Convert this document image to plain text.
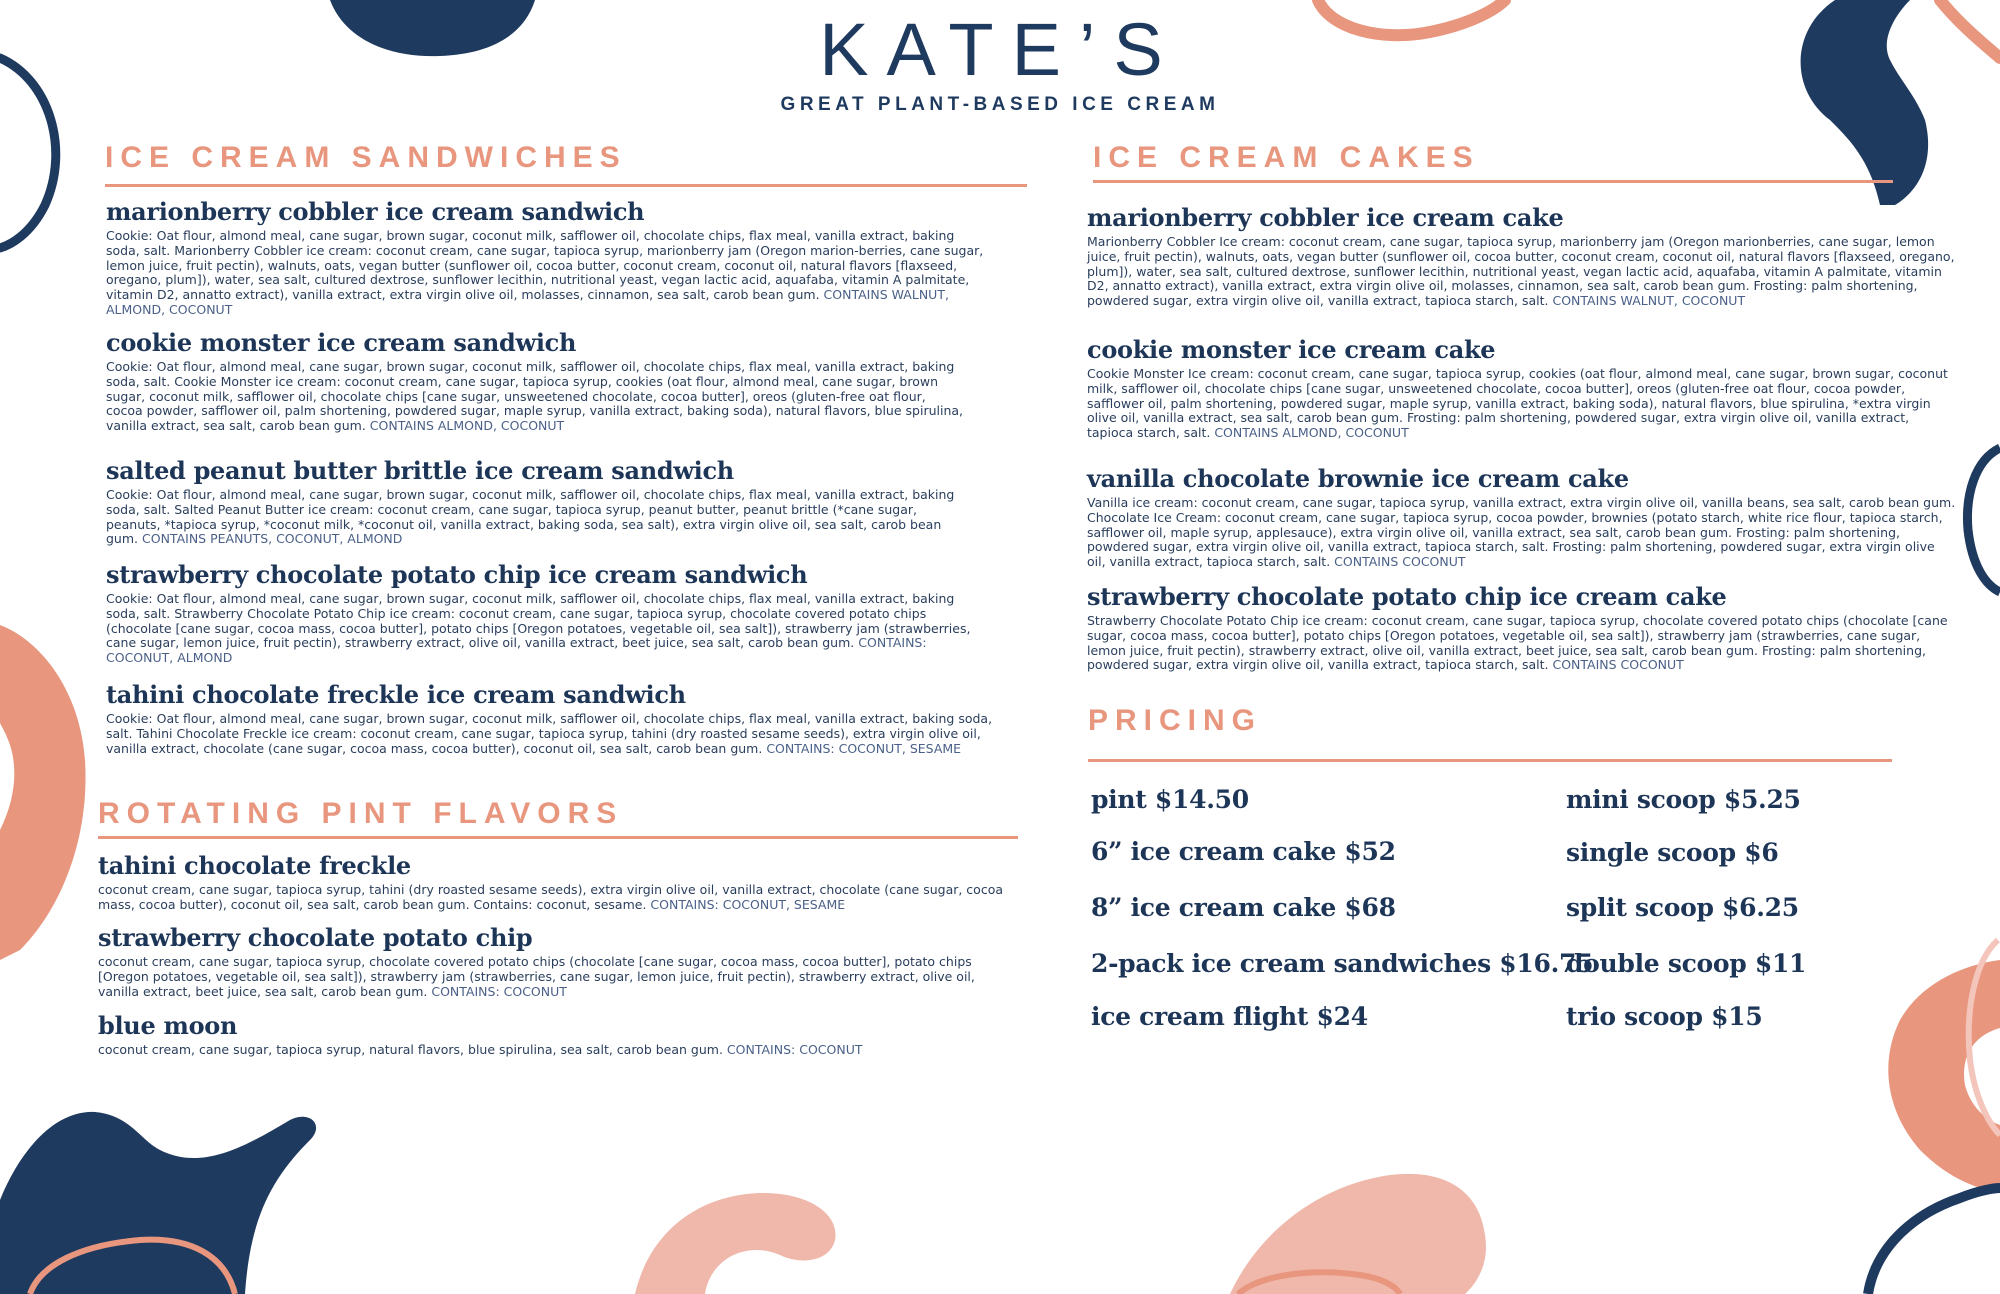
KATE’S
GREAT PLANT-BASED ICE CREAM
ICE CREAM SANDWICHES
marionberry cobbler ice cream sandwich
Cookie: Oat flour, almond meal, cane sugar, brown sugar, coconut milk, safflower oil, chocolate chips, flax meal, vanilla extract, baking soda, salt. Marionberry Cobbler ice cream: coconut cream, cane sugar, tapioca syrup, marionberry jam (Oregon marion-berries, cane sugar, lemon juice, fruit pectin), walnuts, oats, vegan butter (sunflower oil, cocoa butter, coconut cream, coconut oil, natural flavors [flaxseed, oregano, plum]), water, sea salt, cultured dextrose, sunflower lecithin, nutritional yeast, vegan lactic acid, aquafaba, vitamin A palmitate, vitamin D2, annatto extract), vanilla extract, extra virgin olive oil, molasses, cinnamon, sea salt, carob bean gum. CONTAINS WALNUT, ALMOND, COCONUT
cookie monster ice cream sandwich
Cookie: Oat flour, almond meal, cane sugar, brown sugar, coconut milk, safflower oil, chocolate chips, flax meal, vanilla extract, baking soda, salt. Cookie Monster ice cream: coconut cream, cane sugar, tapioca syrup, cookies (oat flour, almond meal, cane sugar, brown sugar, coconut milk, safflower oil, chocolate chips [cane sugar, unsweetened chocolate, cocoa butter], oreos (gluten-free oat flour, cocoa powder, safflower oil, palm shortening, powdered sugar, maple syrup, vanilla extract, baking soda), natural flavors, blue spirulina, vanilla extract, sea salt, carob bean gum. CONTAINS ALMOND, COCONUT
salted peanut butter brittle ice cream sandwich
Cookie: Oat flour, almond meal, cane sugar, brown sugar, coconut milk, safflower oil, chocolate chips, flax meal, vanilla extract, baking soda, salt. Salted Peanut Butter ice cream: coconut cream, cane sugar, tapioca syrup, peanut butter, peanut brittle (*cane sugar, peanuts, *tapioca syrup, *coconut milk, *coconut oil, vanilla extract, baking soda, sea salt), extra virgin olive oil, sea salt, carob bean gum. CONTAINS PEANUTS, COCONUT, ALMOND
strawberry chocolate potato chip ice cream sandwich
Cookie: Oat flour, almond meal, cane sugar, brown sugar, coconut milk, safflower oil, chocolate chips, flax meal, vanilla extract, baking soda, salt. Strawberry Chocolate Potato Chip ice cream: coconut cream, cane sugar, tapioca syrup, chocolate covered potato chips (chocolate [cane sugar, cocoa mass, cocoa butter], potato chips [Oregon potatoes, vegetable oil, sea salt]), strawberry jam (strawberries, cane sugar, lemon juice, fruit pectin), strawberry extract, olive oil, vanilla extract, beet juice, sea salt, carob bean gum. CONTAINS: COCONUT, ALMOND
tahini chocolate freckle ice cream sandwich
Cookie: Oat flour, almond meal, cane sugar, brown sugar, coconut milk, safflower oil, chocolate chips, flax meal, vanilla extract, baking soda, salt. Tahini Chocolate Freckle ice cream: coconut cream, cane sugar, tapioca syrup, tahini (dry roasted sesame seeds), extra virgin olive oil, vanilla extract, chocolate (cane sugar, cocoa mass, cocoa butter), coconut oil, sea salt, carob bean gum. CONTAINS: COCONUT, SESAME
ROTATING PINT FLAVORS
tahini chocolate freckle
coconut cream, cane sugar, tapioca syrup, tahini (dry roasted sesame seeds), extra virgin olive oil, vanilla extract, chocolate (cane sugar, cocoa mass, cocoa butter), coconut oil, sea salt, carob bean gum. Contains: coconut, sesame. CONTAINS: COCONUT, SESAME
strawberry chocolate potato chip
coconut cream, cane sugar, tapioca syrup, chocolate covered potato chips (chocolate [cane sugar, cocoa mass, cocoa butter], potato chips [Oregon potatoes, vegetable oil, sea salt]), strawberry jam (strawberries, cane sugar, lemon juice, fruit pectin), strawberry extract, olive oil, vanilla extract, beet juice, sea salt, carob bean gum. CONTAINS: COCONUT
blue moon
coconut cream, cane sugar, tapioca syrup, natural flavors, blue spirulina, sea salt, carob bean gum. CONTAINS: COCONUT
ICE CREAM CAKES
marionberry cobbler ice cream cake
Marionberry Cobbler Ice cream: coconut cream, cane sugar, tapioca syrup, marionberry jam (Oregon marionberries, cane sugar, lemon juice, fruit pectin), walnuts, oats, vegan butter (sunflower oil, cocoa butter, coconut cream, coconut oil, natural flavors [flaxseed, oregano, plum]), water, sea salt, cultured dextrose, sunflower lecithin, nutritional yeast, vegan lactic acid, aquafaba, vitamin A palmitate, vitamin D2, annatto extract), vanilla extract, extra virgin olive oil, molasses, cinnamon, sea salt, carob bean gum. Frosting: palm shortening, powdered sugar, extra virgin olive oil, vanilla extract, tapioca starch, salt. CONTAINS WALNUT, COCONUT
cookie monster ice cream cake
Cookie Monster Ice cream: coconut cream, cane sugar, tapioca syrup, cookies (oat flour, almond meal, cane sugar, brown sugar, coconut milk, safflower oil, chocolate chips [cane sugar, unsweetened chocolate, cocoa butter], oreos (gluten-free oat flour, cocoa powder, safflower oil, palm shortening, powdered sugar, maple syrup, vanilla extract, baking soda), natural flavors, blue spirulina, *extra virgin olive oil, vanilla extract, sea salt, carob bean gum. Frosting: palm shortening, powdered sugar, extra virgin olive oil, vanilla extract, tapioca starch, salt. CONTAINS ALMOND, COCONUT
vanilla chocolate brownie ice cream cake
Vanilla ice cream: coconut cream, cane sugar, tapioca syrup, vanilla extract, extra virgin olive oil, vanilla beans, sea salt, carob bean gum. Chocolate Ice Cream: coconut cream, cane sugar, tapioca syrup, cocoa powder, brownies (potato starch, white rice flour, tapioca starch, safflower oil, maple syrup, applesauce), extra virgin olive oil, vanilla extract, sea salt, carob bean gum. Frosting: palm shortening, powdered sugar, extra virgin olive oil, vanilla extract, tapioca starch, salt. Frosting: palm shortening, powdered sugar, extra virgin olive oil, vanilla extract, tapioca starch, salt. CONTAINS COCONUT
strawberry chocolate potato chip ice cream cake
Strawberry Chocolate Potato Chip ice cream: coconut cream, cane sugar, tapioca syrup, chocolate covered potato chips (chocolate [cane sugar, cocoa mass, cocoa butter], potato chips [Oregon potatoes, vegetable oil, sea salt]), strawberry jam (strawberries, cane sugar, lemon juice, fruit pectin), strawberry extract, olive oil, vanilla extract, beet juice, sea salt, carob bean gum. Frosting: palm shortening, powdered sugar, extra virgin olive oil, vanilla extract, tapioca starch, salt. CONTAINS COCONUT
PRICING
pint $14.50
6” ice cream cake $52
8” ice cream cake $68
2-pack ice cream sandwiches $16.75
ice cream flight $24
mini scoop $5.25
single scoop $6
split scoop $6.25
double scoop $11
trio scoop $15
